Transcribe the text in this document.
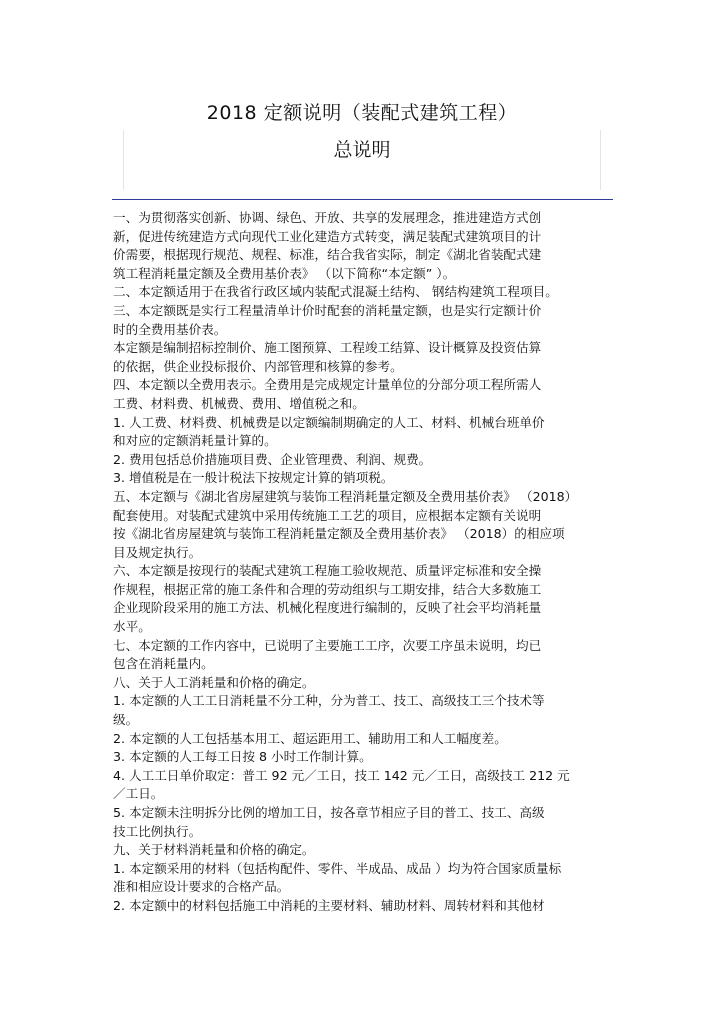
2018 定额说明（装配式建筑工程）
总说明
一、为贯彻落实创新、协调、绿色、开放、共享的发展理念，推进建造方式创
新，促进传统建造方式向现代工业化建造方式转变，满足装配式建筑项目的计
价需要，根据现行规范、规程、标准，结合我省实际，制定《湖北省装配式建
筑工程消耗量定额及全费用基价表》 （以下简称“本定额” ）。
二、本定额适用于在我省行政区域内装配式混凝土结构、 钢结构建筑工程项目。
三、本定额既是实行工程量清单计价时配套的消耗量定额，也是实行定额计价
时的全费用基价表。
本定额是编制招标控制价、施工图预算、工程竣工结算、设计概算及投资估算
的依据，供企业投标报价、内部管理和核算的参考。
四、本定额以全费用表示。全费用是完成规定计量单位的分部分项工程所需人
工费、材料费、机械费、费用、增值税之和。
1. 人工费、材料费、机械费是以定额编制期确定的人工、材料、机械台班单价
和对应的定额消耗量计算的。
2. 费用包括总价措施项目费、企业管理费、利润、规费。
3. 增值税是在一般计税法下按规定计算的销项税。
五、本定额与《湖北省房屋建筑与装饰工程消耗量定额及全费用基价表》 （2018）
配套使用。对装配式建筑中采用传统施工工艺的项目，应根据本定额有关说明
按《湖北省房屋建筑与装饰工程消耗量定额及全费用基价表》 （2018）的相应项
目及规定执行。
六、本定额是按现行的装配式建筑工程施工验收规范、质量评定标准和安全操
作规程，根据正常的施工条件和合理的劳动组织与工期安排，结合大多数施工
企业现阶段采用的施工方法、机械化程度进行编制的，反映了社会平均消耗量
水平。
七、本定额的工作内容中，已说明了主要施工工序，次要工序虽未说明，均已
包含在消耗量内。
八、关于人工消耗量和价格的确定。
1. 本定额的人工工日消耗量不分工种，分为普工、技工、高级技工三个技术等
级。
2. 本定额的人工包括基本用工、超运距用工、辅助用工和人工幅度差。
3. 本定额的人工每工日按 8 小时工作制计算。
4. 人工工日单价取定：普工 92 元／工日，技工 142 元／工日，高级技工 212 元
／工日。
5. 本定额未注明拆分比例的增加工日，按各章节相应子目的普工、技工、高级
技工比例执行。
九、关于材料消耗量和价格的确定。
1. 本定额采用的材料（包括构配件、零件、半成品、成品 ）均为符合国家质量标
准和相应设计要求的合格产品。
2. 本定额中的材料包括施工中消耗的主要材料、辅助材料、周转材料和其他材
